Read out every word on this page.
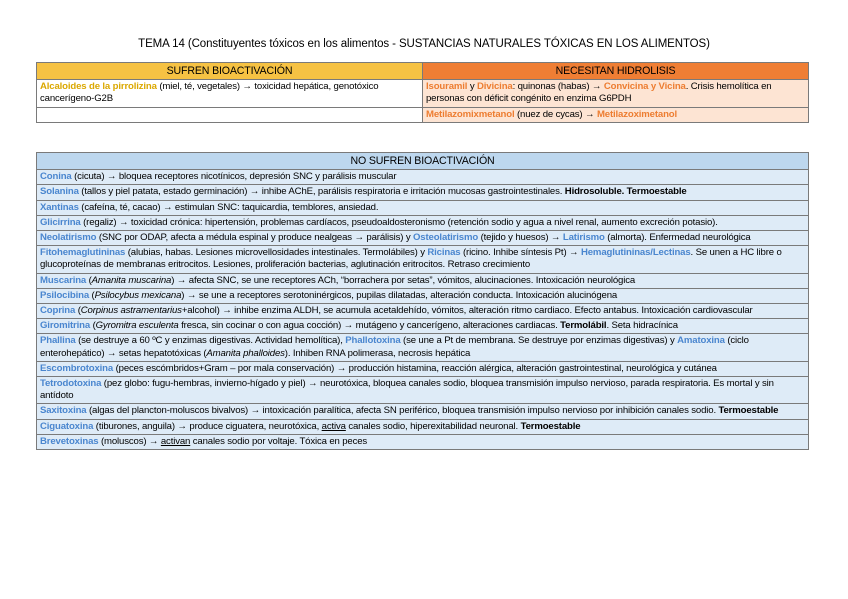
TEMA 14 (Constituyentes tóxicos en los alimentos - SUSTANCIAS NATURALES TÓXICAS EN LOS ALIMENTOS)
SUFREN BIOACTIVACIÓN	NECESITAN HIDROLISIS
Alcaloides de la pirrolizina (miel, té, vegetales) → toxicidad hepática, genotóxico cancerígeno-G2B	Isouramil y Divicina: quinonas (habas) → Convicina y Vicina. Crisis hemolítica en personas con déficit congénito en enzima G6PDH
	Metilazomixmetanol (nuez de cycas) → Metilazoximetanol
NO SUFREN BIOACTIVACIÓN
Conina (cicuta) → bloquea receptores nicotínicos, depresión SNC y parálisis muscular
Solanina (tallos y piel patata, estado germinación) → inhibe AChE, parálisis respiratoria e irritación mucosas gastrointestinales. Hidrosoluble. Termoestable
Xantinas (cafeína, té, cacao) → estimulan SNC: taquicardia, temblores, ansiedad.
Glicirrina (regaliz) → toxicidad crónica: hipertensión, problemas cardíacos, pseudoaldosteronismo (retención sodio y agua a nivel renal, aumento excreción potasio).
Neolatirismo (SNC por ODAP, afecta a médula espinal y produce nealgeas → parálisis) y Osteolatirismo (tejido y huesos) → Latirismo (almorta). Enfermedad neurológica
Fitohemaglutininas (alubias, habas. Lesiones microvellosidades intestinales. Termolábiles) y Ricinas (ricino. Inhibe síntesis Pt) → Hemaglutininas/Lectinas. Se unen a HC libre o glucoproteínas de membranas eritrocitos. Lesiones, proliferación bacterias, aglutinación eritrocitos. Retraso crecimiento
Muscarina (Amanita muscarina) → afecta SNC, se une receptores ACh, “borrachera por setas”, vómitos, alucinaciones. Intoxicación neurológica
Psilocibina (Psilocybus mexicana) → se une a receptores serotoninérgicos, pupilas dilatadas, alteración conducta. Intoxicación alucinógena
Coprina (Corpinus astramentarius+alcohol) → inhibe enzima ALDH, se acumula acetaldehído, vómitos, alteración ritmo cardiaco. Efecto antabus. Intoxicación cardiovascular
Giromitrina (Gyromitra esculenta fresca, sin cocinar o con agua cocción) → mutágeno y cancerígeno, alteraciones cardiacas. Termolábil. Seta hidracínica
Phallina (se destruye a 60 ºC y enzimas digestivas. Actividad hemolítica), Phallotoxina (se une a Pt de membrana. Se destruye por enzimas digestivas) y Amatoxina (ciclo enterohepático) → setas hepatotóxicas (Amanita phalloides). Inhiben RNA polimerasa, necrosis hepática
Escombrotoxina (peces escómbridos+Gram – por mala conservación) → producción histamina, reacción alérgica, alteración gastrointestinal, neurológica y cutánea
Tetrodotoxina (pez globo: fugu-hembras, invierno-hígado y piel) → neurotóxica, bloquea canales sodio, bloquea transmisión impulso nervioso, parada respiratoria. Es mortal y sin antídoto
Saxitoxina (algas del plancton-moluscos bivalvos) → intoxicación paralítica, afecta SN periférico, bloquea transmisión impulso nervioso por inhibición canales sodio. Termoestable
Ciguatoxina (tiburones, anguila) → produce ciguatera, neurotóxica, activa canales sodio, hiperexitabilidad neuronal. Termoestable
Brevetoxinas (moluscos) → activan canales sodio por voltaje. Tóxica en peces
